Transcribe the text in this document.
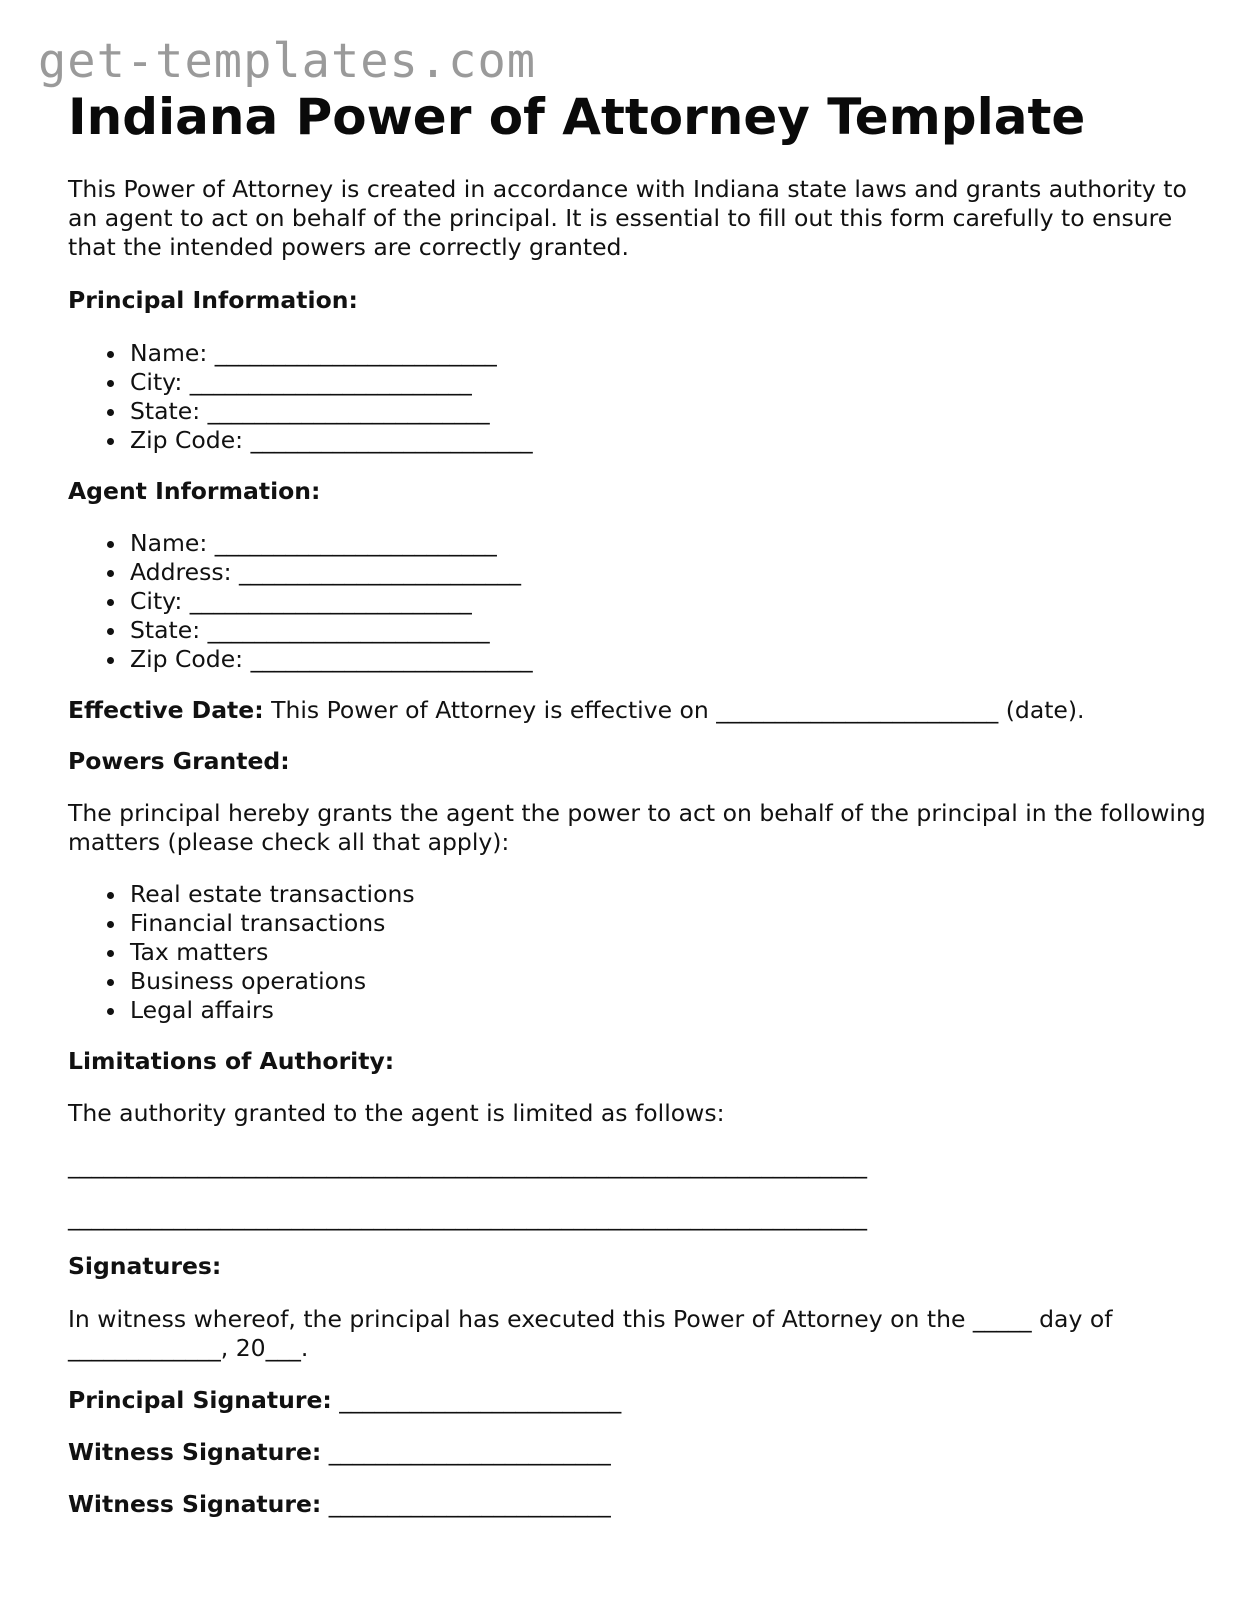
get-templates.com
Indiana Power of Attorney Template

This Power of Attorney is created in accordance with Indiana state laws and grants authority to an agent to act on behalf of the principal. It is essential to fill out this form carefully to ensure that the intended powers are correctly granted.

Principal Information:
• Name: ________________________
• City: ________________________
• State: ________________________
• Zip Code: ________________________
Agent Information:
• Name: ________________________
• Address: ________________________
• City: ________________________
• State: ________________________
• Zip Code: ________________________

Effective Date: This Power of Attorney is effective on ________________________ (date).

Powers Granted:

The principal hereby grants the agent the power to act on behalf of the principal in the following matters (please check all that apply):

• Real estate transactions
• Financial transactions
• Tax matters
• Business operations
• Legal affairs
Limitations of Authority:

The authority granted to the agent is limited as follows:

____________________________________________________________________
____________________________________________________________________
Signatures:

In witness whereof, the principal has executed this Power of Attorney on the _____ day of _____________, 20___.

Principal Signature: ________________________

Witness Signature: ________________________

Witness Signature: ________________________
